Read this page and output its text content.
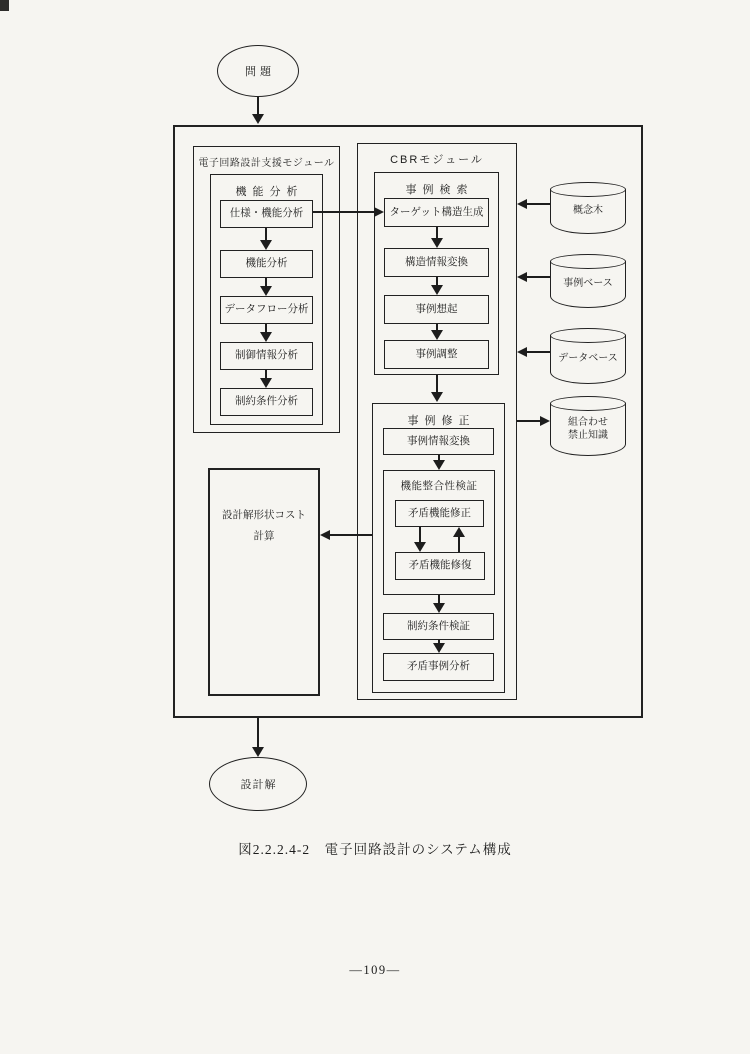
問題
電子回路設計支援モジュール
機能分析
仕様・機能分析
機能分析
データフロー分析
制御情報分析
制約条件分析
設計解形状コスト
計算
CBRモジュール
事例検索
ターゲット構造生成
構造情報変換
事例想起
事例調整
事例修正
事例情報変換
機能整合性検証
矛盾機能修正
矛盾機能修復
制約条件検証
矛盾事例分析
概念木
事例ベース
データベース
組合わせ
禁止知識
設計解
図2.2.2.4-2　電子回路設計のシステム構成
―109―
